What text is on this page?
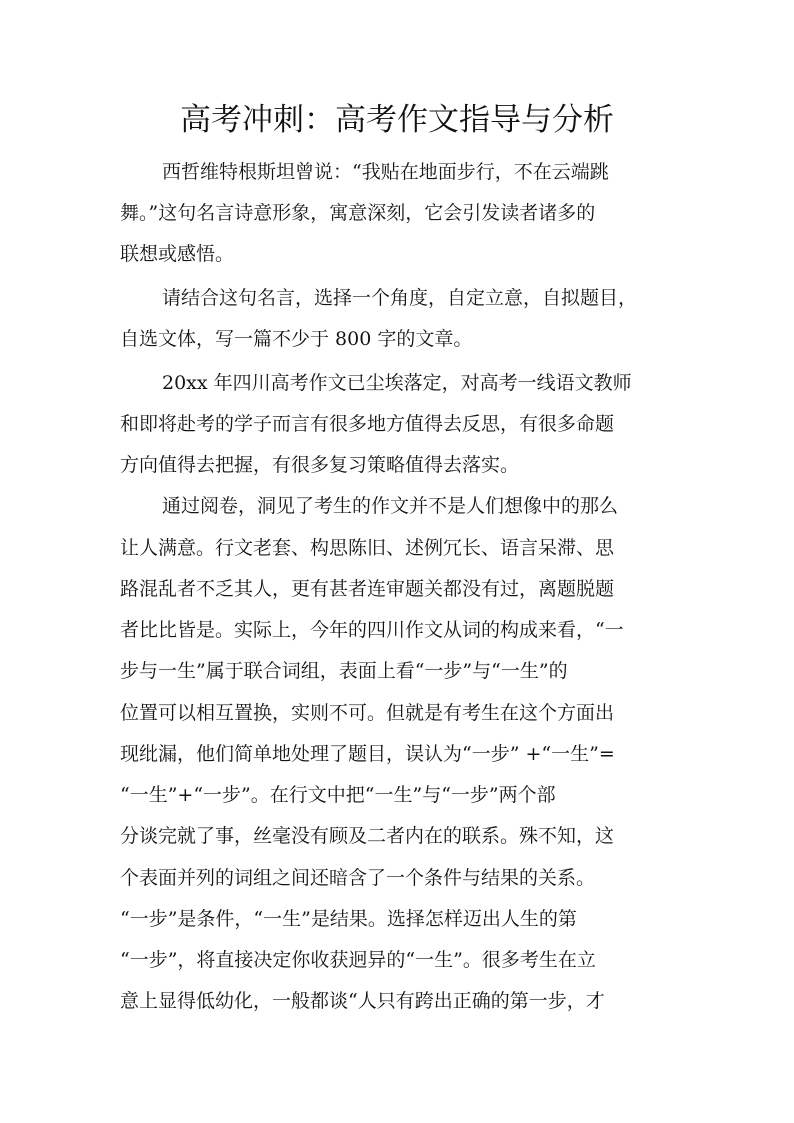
高考冲刺：高考作文指导与分析

西哲维特根斯坦曾说：“我贴在地面步行，不在云端跳

舞。”这句名言诗意形象，寓意深刻，它会引发读者诸多的

联想或感悟。

请结合这句名言，选择一个角度，自定立意，自拟题目，

自选文体，写一篇不少于 800 字的文章。

20xx 年四川高考作文已尘埃落定，对高考一线语文教师

和即将赴考的学子而言有很多地方值得去反思，有很多命题

方向值得去把握，有很多复习策略值得去落实。

通过阅卷，洞见了考生的作文并不是人们想像中的那么

让人满意。行文老套、构思陈旧、述例冗长、语言呆滞、思

路混乱者不乏其人，更有甚者连审题关都没有过，离题脱题

者比比皆是。实际上，今年的四川作文从词的构成来看，“一

步与一生”属于联合词组，表面上看“一步”与“一生”的

位置可以相互置换，实则不可。但就是有考生在这个方面出

现纰漏，他们简单地处理了题目，误认为“一步” +“一生”=

“一生”+“一步”。在行文中把“一生”与“一步”两个部

分谈完就了事，丝毫没有顾及二者内在的联系。殊不知，这

个表面并列的词组之间还暗含了一个条件与结果的关系。

“一步”是条件，“一生”是结果。选择怎样迈出人生的第

“一步”，将直接决定你收获迥异的“一生”。很多考生在立

意上显得低幼化，一般都谈“人只有跨出正确的第一步，才
